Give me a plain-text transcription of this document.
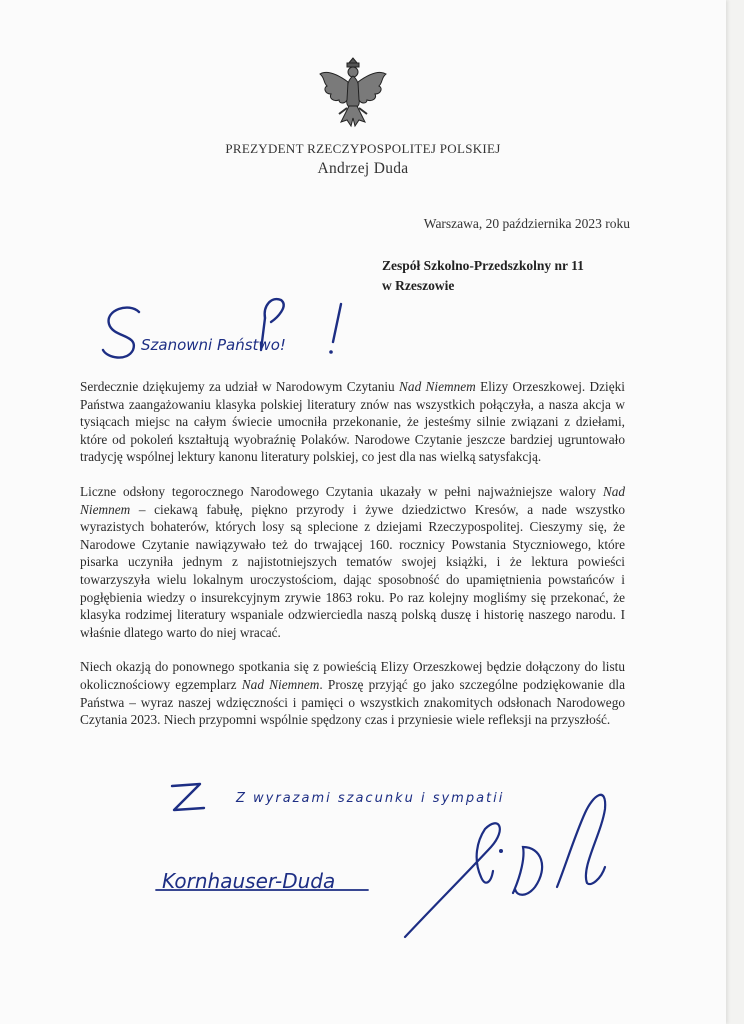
PREZYDENT RZECZYPOSPOLITEJ POLSKIEJ
Andrzej Duda
Warszawa, 20 października 2023 roku
Zespół Szkolno-Przedszkolny nr 11
w Rzeszowie
Szanowni Państwo!

Serdecznie dziękujemy za udział w Narodowym Czytaniu Nad Niemnem Elizy Orzeszkowej. Dzięki Państwa zaangażowaniu klasyka polskiej literatury znów nas wszystkich połączyła, a nasza akcja w tysiącach miejsc na całym świecie umocniła przekonanie, że jesteśmy silnie związani z dziełami, które od pokoleń kształtują wyobraźnię Polaków. Narodowe Czytanie jeszcze bardziej ugruntowało tradycję wspólnej lektury kanonu literatury polskiej, co jest dla nas wielką satysfakcją.

Liczne odsłony tegorocznego Narodowego Czytania ukazały w pełni najważniejsze walory Nad Niemnem – ciekawą fabułę, piękno przyrody i żywe dziedzictwo Kresów, a nade wszystko wyrazistych bohaterów, których losy są splecione z dziejami Rzeczypospolitej. Cieszymy się, że Narodowe Czytanie nawiązywało też do trwającej 160. rocznicy Powstania Styczniowego, które pisarka uczyniła jednym z najistotniejszych tematów swojej książki, i że lektura powieści towarzyszyła wielu lokalnym uroczystościom, dając sposobność do upamiętnienia powstańców i pogłębienia wiedzy o insurekcyjnym zrywie 1863 roku. Po raz kolejny mogliśmy się przekonać, że klasyka rodzimej literatury wspaniale odzwierciedla naszą polską duszę i historię naszego narodu. I właśnie dlatego warto do niej wracać.

Niech okazją do ponownego spotkania się z powieścią Elizy Orzeszkowej będzie dołączony do listu okolicznościowy egzemplarz Nad Niemnem. Proszę przyjąć go jako szczególne podziękowanie dla Państwa – wyraz naszej wdzięczności i pamięci o wszystkich znakomitych odsłonach Narodowego Czytania 2023. Niech przypomni wspólnie spędzony czas i przyniesie wiele refleksji na przyszłość.

Z wyrazami szacunku i sympatii
Kornhauser-Duda
Andrzej Duda
